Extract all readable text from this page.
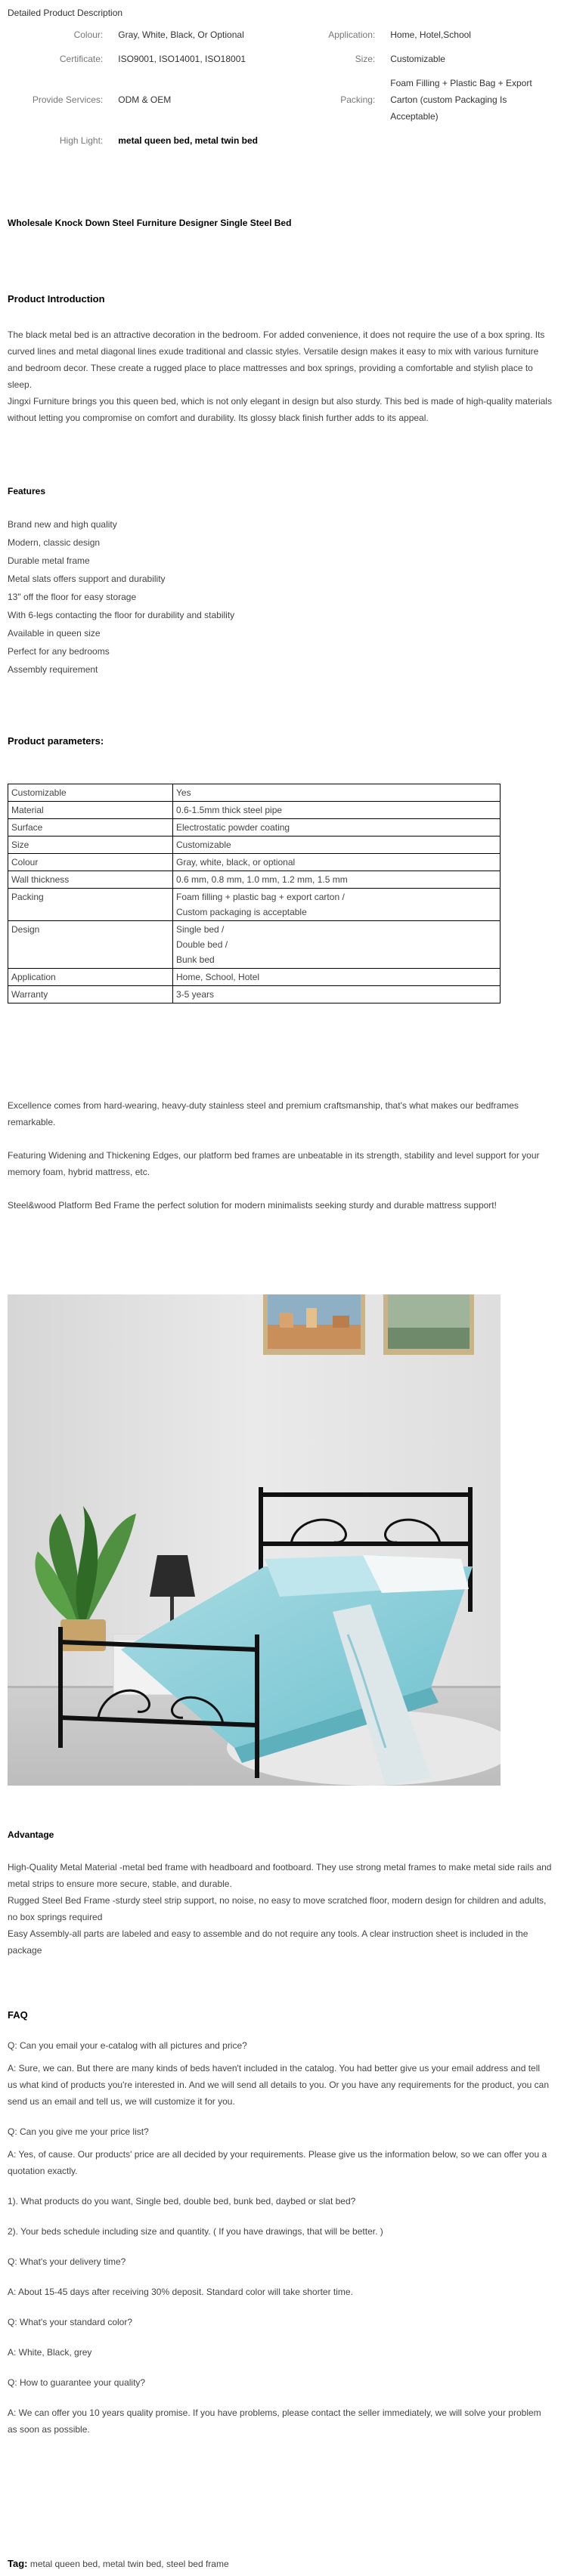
Detailed Product Description
Colour:	Gray, White, Black, Or Optional	Application:	Home, Hotel,School
Certificate:	ISO9001, ISO14001, ISO18001	Size:	Customizable
Provide Services:	ODM & OEM	Packing:	Foam Filling + Plastic Bag + Export Carton (custom Packaging Is Acceptable)
High Light:	metal queen bed, metal twin bed		
Wholesale Knock Down Steel Furniture Designer Single Steel Bed
Product Introduction
The black metal bed is an attractive decoration in the bedroom. For added convenience, it does not require the use of a box spring. Its curved lines and metal diagonal lines exude traditional and classic styles. Versatile design makes it easy to mix with various furniture and bedroom decor. These create a rugged place to place mattresses and box springs, providing a comfortable and stylish place to sleep.
Jingxi Furniture brings you this queen bed, which is not only elegant in design but also sturdy. This bed is made of high-quality materials without letting you compromise on comfort and durability. Its glossy black finish further adds to its appeal.
Features
Brand new and high quality
Modern, classic design
Durable metal frame
Metal slats offers support and durability
13" off the floor for easy storage
With 6-legs contacting the floor for durability and stability
Available in queen size
Perfect for any bedrooms
Assembly requirement
Product parameters:
Customizable	Yes

Material	0.6-1.5mm thick steel pipe

Surface	Electrostatic powder coating

Size	Customizable

Colour	Gray, white, black, or optional

Wall thickness	0.6 mm, 0.8 mm, 1.0 mm, 1.2 mm, 1.5 mm

Packing	Foam filling + plastic bag + export carton /
Custom packaging is acceptable

Design	Single bed /
Double bed /
Bunk bed

Application	Home, School, Hotel

Warranty	3-5 years
Excellence comes from hard-wearing, heavy-duty stainless steel and premium craftsmanship, that's what makes our bedframes remarkable.
Featuring Widening and Thickening Edges, our platform bed frames are unbeatable in its strength, stability and level support for your memory foam, hybrid mattress, etc.
Steel&wood Platform Bed Frame the perfect solution for modern minimalists seeking sturdy and durable mattress support!
Advantage
High-Quality Metal Material -metal bed frame with headboard and footboard. They use strong metal frames to make metal side rails and metal strips to ensure more secure, stable, and durable.
Rugged Steel Bed Frame -sturdy steel strip support, no noise, no easy to move scratched floor, modern design for children and adults, no box springs required
Easy Assembly-all parts are labeled and easy to assemble and do not require any tools. A clear instruction sheet is included in the package
FAQ
Q: Can you email your e-catalog with all pictures and price?
A: Sure, we can. But there are many kinds of beds haven't included in the catalog. You had better give us your email address and tell us what kind of products you're interested in. And we will send all details to you. Or you have any requirements for the product, you can send us an email and tell us, we will customize it for you.
Q: Can you give me your price list?
A: Yes, of cause. Our products' price are all decided by your requirements. Please give us the information below, so we can offer you a quotation exactly.
1). What products do you want, Single bed, double bed, bunk bed, daybed or slat bed?
2). Your beds schedule including size and quantity. ( If you have drawings, that will be better. )
Q: What's your delivery time?
A: About 15-45 days after receiving 30% deposit. Standard color will take shorter time.
Q: What's your standard color?
A: White, Black, grey
Q: How to guarantee your quality?
A: We can offer you 10 years quality promise. If you have problems, please contact the seller immediately, we will solve your problem as soon as possible.
Tag: metal queen bed, metal twin bed, steel bed frame
